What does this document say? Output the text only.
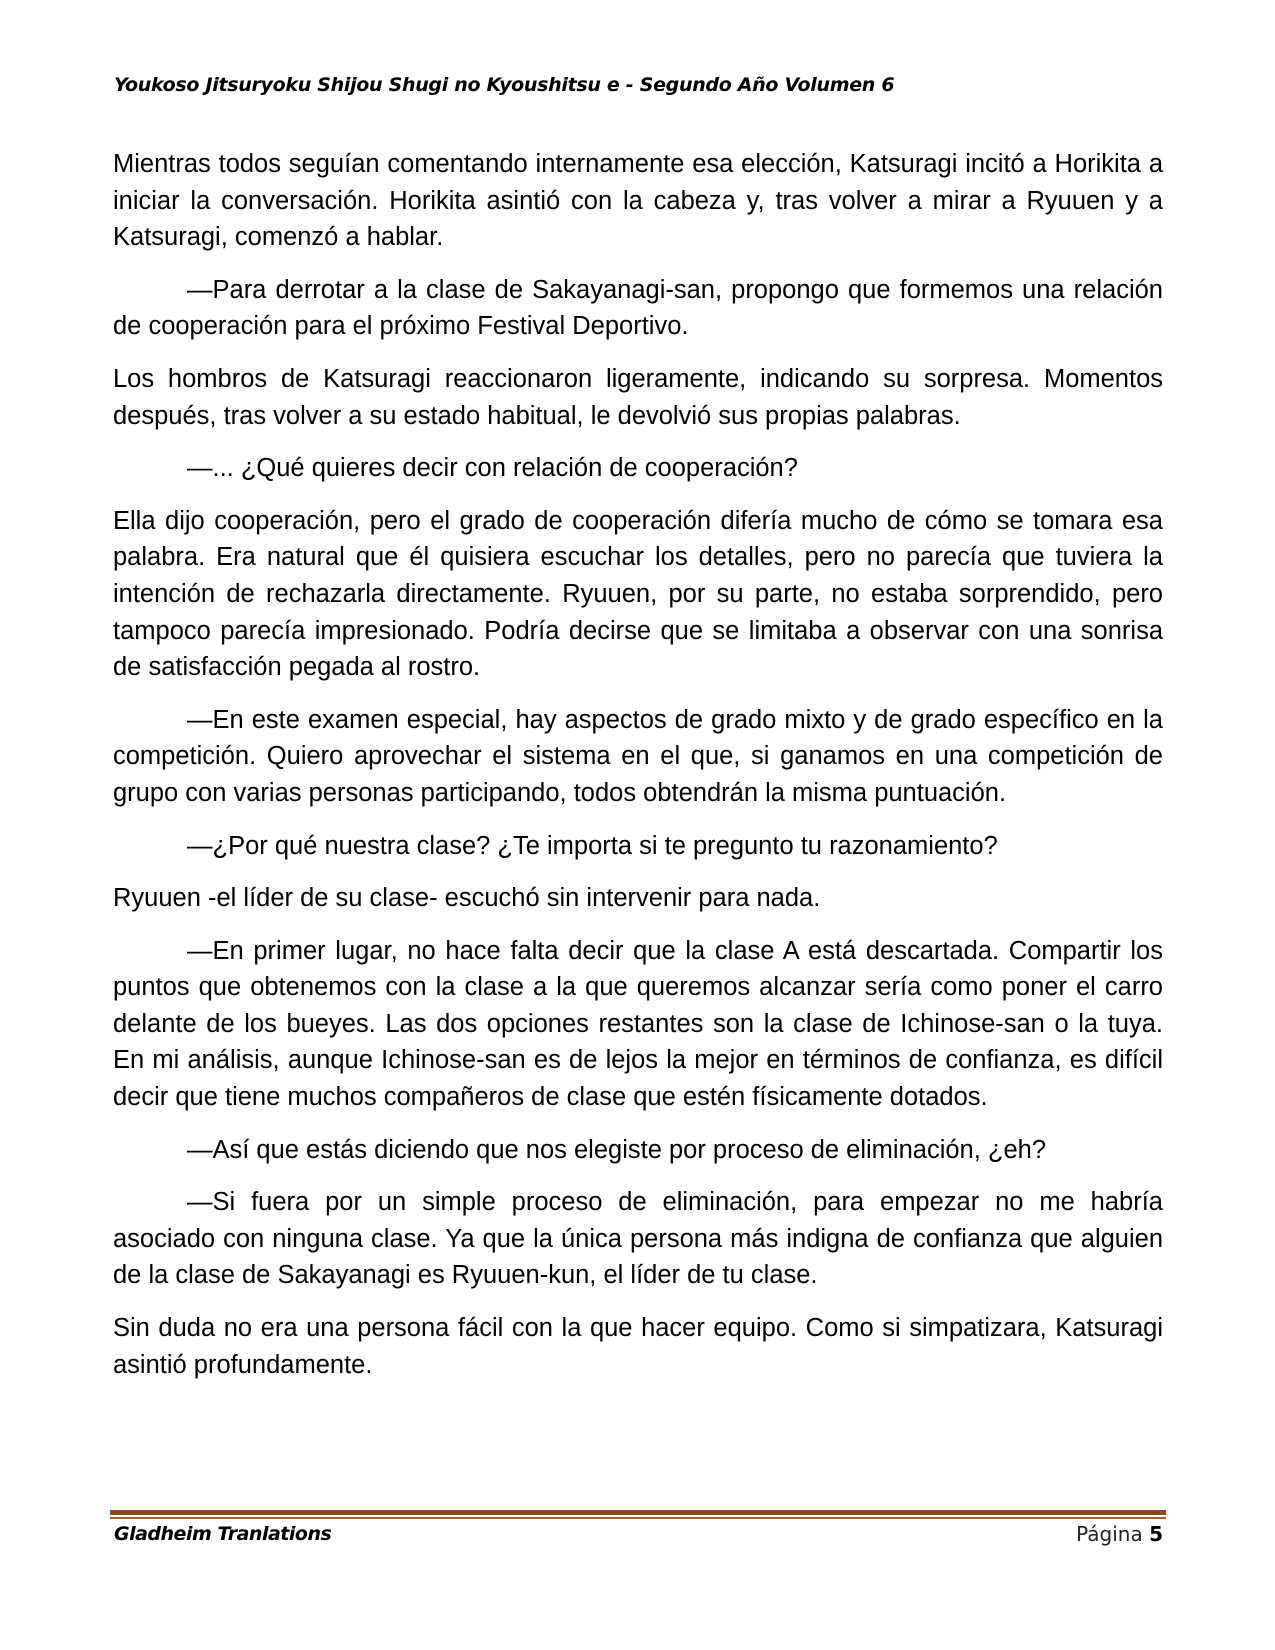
Youkoso Jitsuryoku Shijou Shugi no Kyoushitsu e - Segundo Año Volumen 6

Mientras todos seguían comentando internamente esa elección, Katsuragi incitó a Horikita a iniciar la conversación. Horikita asintió con la cabeza y, tras volver a mirar a Ryuuen y a Katsuragi, comenzó a hablar.

—Para derrotar a la clase de Sakayanagi-san, propongo que formemos una relación de cooperación para el próximo Festival Deportivo.

Los hombros de Katsuragi reaccionaron ligeramente, indicando su sorpresa. Momentos después, tras volver a su estado habitual, le devolvió sus propias palabras.

—... ¿Qué quieres decir con relación de cooperación?

Ella dijo cooperación, pero el grado de cooperación difería mucho de cómo se tomara esa palabra. Era natural que él quisiera escuchar los detalles, pero no parecía que tuviera la intención de rechazarla directamente. Ryuuen, por su parte, no estaba sorprendido, pero tampoco parecía impresionado. Podría decirse que se limitaba a observar con una sonrisa de satisfacción pegada al rostro.

—En este examen especial, hay aspectos de grado mixto y de grado específico en la competición. Quiero aprovechar el sistema en el que, si ganamos en una competición de grupo con varias personas participando, todos obtendrán la misma puntuación.

—¿Por qué nuestra clase? ¿Te importa si te pregunto tu razonamiento?

Ryuuen -el líder de su clase- escuchó sin intervenir para nada.

—En primer lugar, no hace falta decir que la clase A está descartada. Compartir los puntos que obtenemos con la clase a la que queremos alcanzar sería como poner el carro delante de los bueyes. Las dos opciones restantes son la clase de Ichinose-san o la tuya. En mi análisis, aunque Ichinose-san es de lejos la mejor en términos de confianza, es difícil decir que tiene muchos compañeros de clase que estén físicamente dotados.

—Así que estás diciendo que nos elegiste por proceso de eliminación, ¿eh?

—Si fuera por un simple proceso de eliminación, para empezar no me habría asociado con ninguna clase. Ya que la única persona más indigna de confianza que alguien de la clase de Sakayanagi es Ryuuen-kun, el líder de tu clase.

Sin duda no era una persona fácil con la que hacer equipo. Como si simpatizara, Katsuragi asintió profundamente.

Gladheim Tranlations	Página 5
